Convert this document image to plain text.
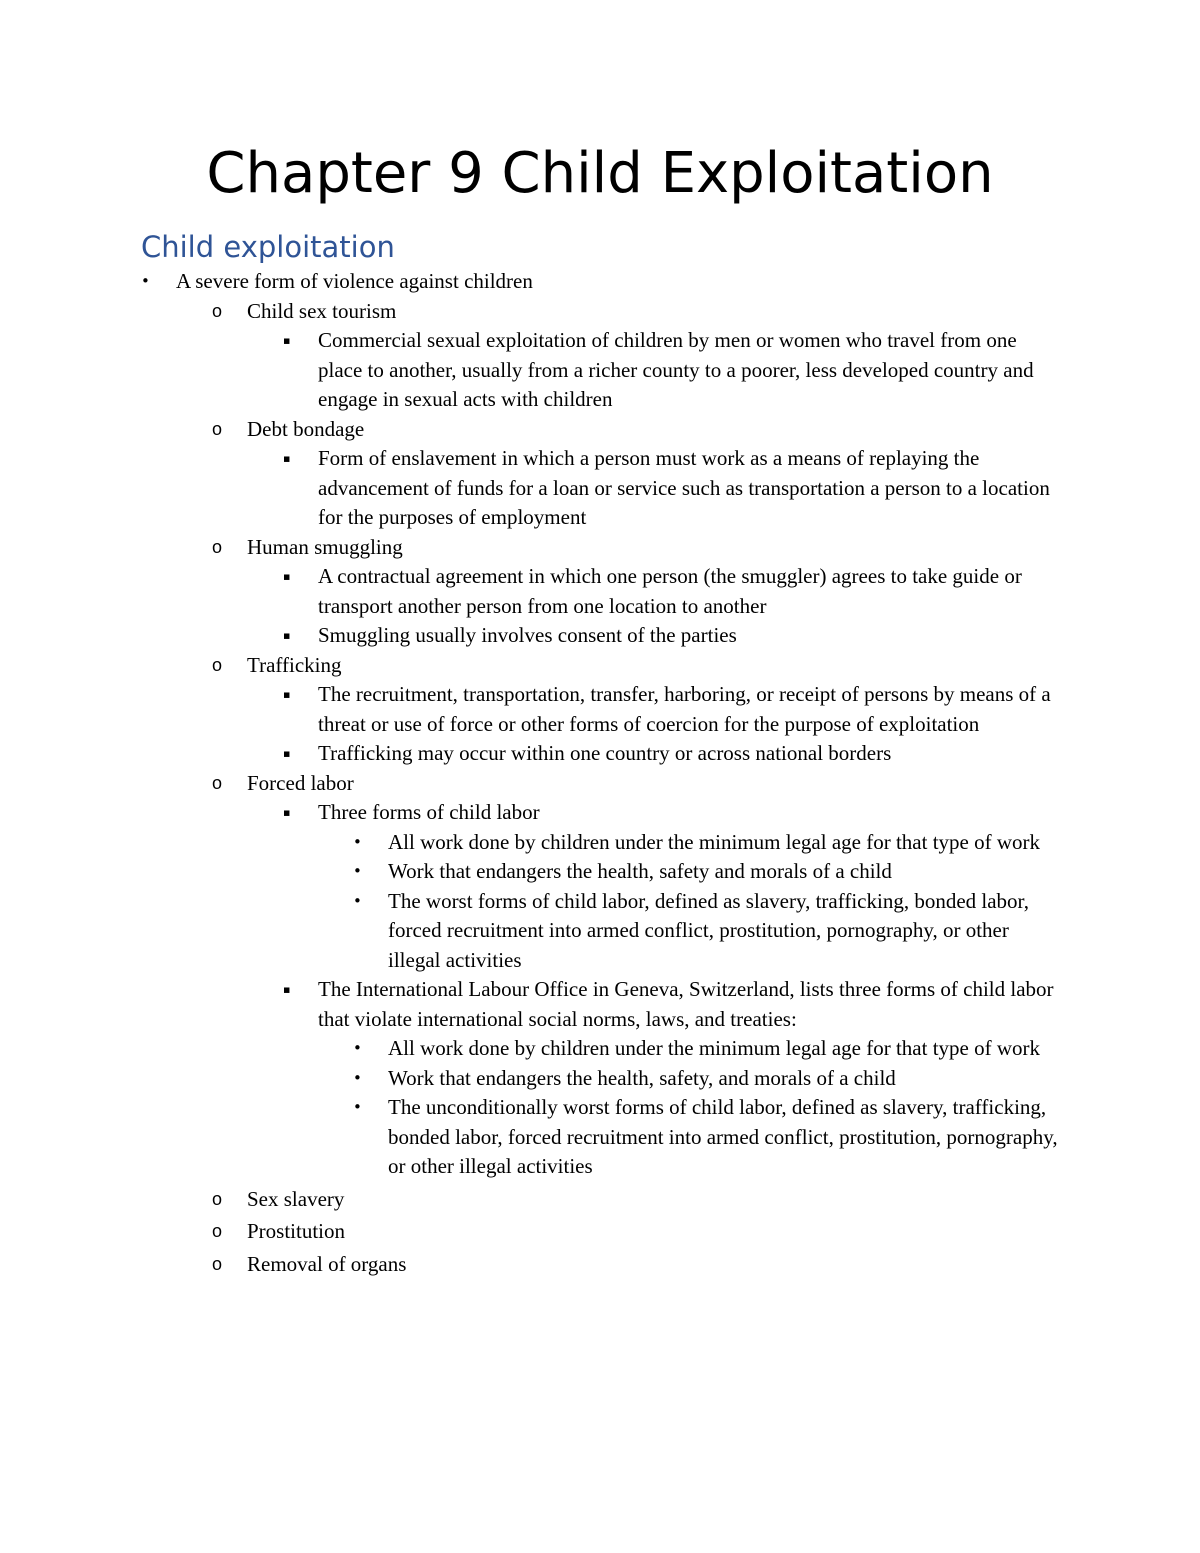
Chapter 9 Child Exploitation
Child exploitation
• A severe form of violence against children
o Child sex tourism
▪ Commercial sexual exploitation of children by men or women who travel from one place to another, usually from a richer county to a poorer, less developed country and engage in sexual acts with children
o Debt bondage
▪ Form of enslavement in which a person must work as a means of replaying the advancement of funds for a loan or service such as transportation a person to a location for the purposes of employment
o Human smuggling
▪ A contractual agreement in which one person (the smuggler) agrees to take guide or transport another person from one location to another
▪ Smuggling usually involves consent of the parties
o Trafficking
▪ The recruitment, transportation, transfer, harboring, or receipt of persons by means of a threat or use of force or other forms of coercion for the purpose of exploitation
▪ Trafficking may occur within one country or across national borders
o Forced labor
▪ Three forms of child labor
• All work done by children under the minimum legal age for that type of work
• Work that endangers the health, safety and morals of a child
• The worst forms of child labor, defined as slavery, trafficking, bonded labor, forced recruitment into armed conflict, prostitution, pornography, or other illegal activities
▪ The International Labour Office in Geneva, Switzerland, lists three forms of child labor that violate international social norms, laws, and treaties:
• All work done by children under the minimum legal age for that type of work
• Work that endangers the health, safety, and morals of a child
• The unconditionally worst forms of child labor, defined as slavery, trafficking, bonded labor, forced recruitment into armed conflict, prostitution, pornography, or other illegal activities
o Sex slavery
o Prostitution
o Removal of organs
